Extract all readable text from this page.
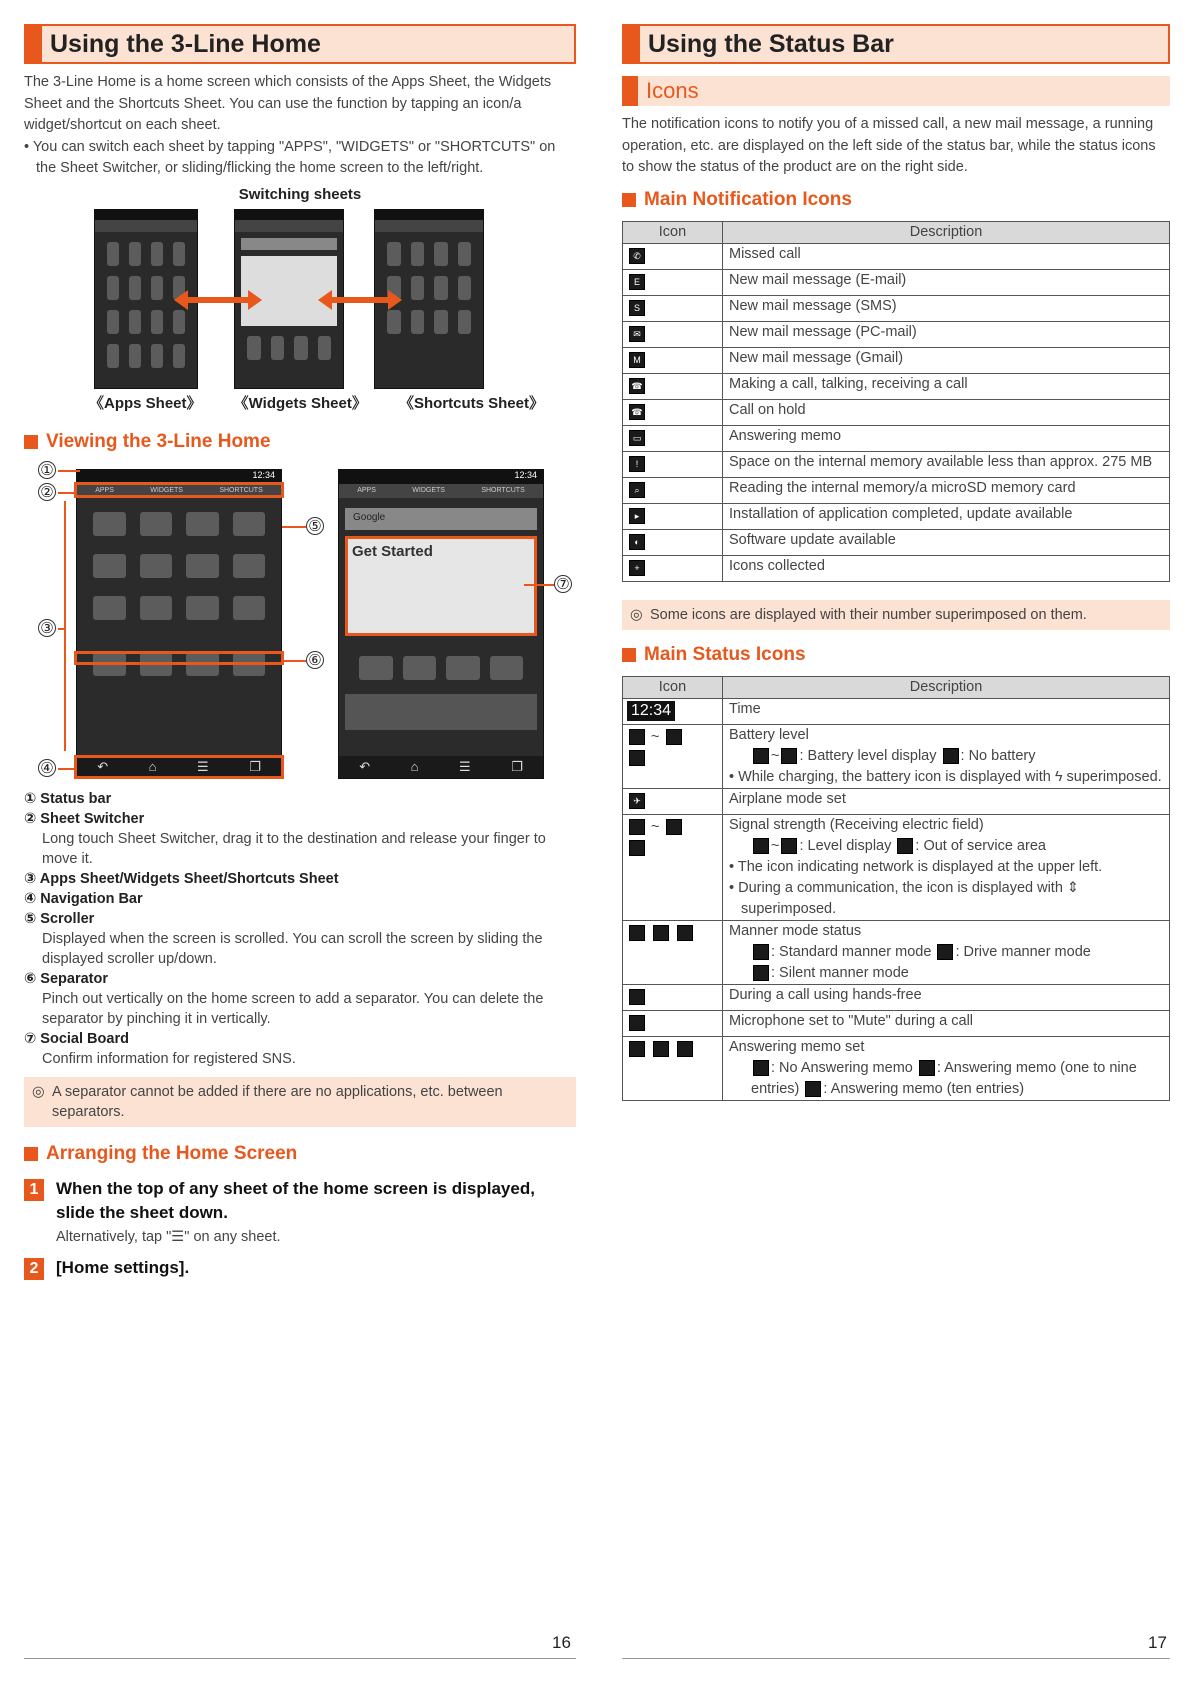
Using the 3-Line Home

The 3-Line Home is a home screen which consists of the Apps Sheet, the Widgets Sheet and the Shortcuts Sheet. You can use the function by tapping an icon/a widget/shortcut on each sheet.

• You can switch each sheet by tapping "APPS", "WIDGETS" or "SHORTCUTS" on the Sheet Switcher, or sliding/flicking the home screen to the left/right.

Switching sheets
《Apps Sheet》 《Widgets Sheet》 《Shortcuts Sheet》
Viewing the 3-Line Home
12:34
APPS	WIDGETS	SHORTCUTS
↶	⌂	☰	❐
①
②
③
④
⑤
⑥
12:34
APPS	WIDGETS	SHORTCUTS
Google
Get Started
↶	⌂	☰	❐
⑦
① Status bar
② Sheet Switcher
Long touch Sheet Switcher, drag it to the destination and release your finger to move it.
③ Apps Sheet/Widgets Sheet/Shortcuts Sheet
④ Navigation Bar
⑤ Scroller
Displayed when the screen is scrolled. You can scroll the screen by sliding the displayed scroller up/down.
⑥ Separator
Pinch out vertically on the home screen to add a separator. You can delete the separator by pinching it in vertically.
⑦ Social Board
Confirm information for registered SNS.
◎ A separator cannot be added if there are no applications, etc. between separators.
Arranging the Home Screen
1	When the top of any sheet of the home screen is displayed, slide the sheet down.
Alternatively, tap "☰" on any sheet.
2	[Home settings].
16
Using the Status Bar
Icons

The notification icons to notify you of a missed call, a new mail message, a running operation, etc. are displayed on the left side of the status bar, while the status icons to show the status of the product are on the right side.

Main Notification Icons
Icon	Description
✆	Missed call
E	New mail message (E-mail)
S	New mail message (SMS)
✉	New mail message (PC-mail)
M	New mail message (Gmail)
☎	Making a call, talking, receiving a call
☎	Call on hold
▭	Answering memo
!	Space on the internal memory available less than approx. 275 MB
⌕	Reading the internal memory/a microSD memory card
▸	Installation of application completed, update available
◐	Software update available
+	Icons collected
◎ Some icons are displayed with their number superimposed on them.
Main Status Icons
Icon	Description
12:34	Time
~	Battery level
~ : Battery level display : No battery
• While charging, the battery icon is displayed with ϟ superimposed.

✈	Airplane mode set
~	Signal strength (Receiving electric field)
~ : Level display : Out of service area
• The icon indicating network is displayed at the upper left.
• During a communication, the icon is displayed with ⇕ superimposed.

	Manner mode status
: Standard manner mode : Drive manner mode
: Silent manner mode

	During a call using hands-free
	Microphone set to "Mute" during a call

	Answering memo set
: No Answering memo : Answering memo (one to nine entries) : Answering memo (ten entries)
17
